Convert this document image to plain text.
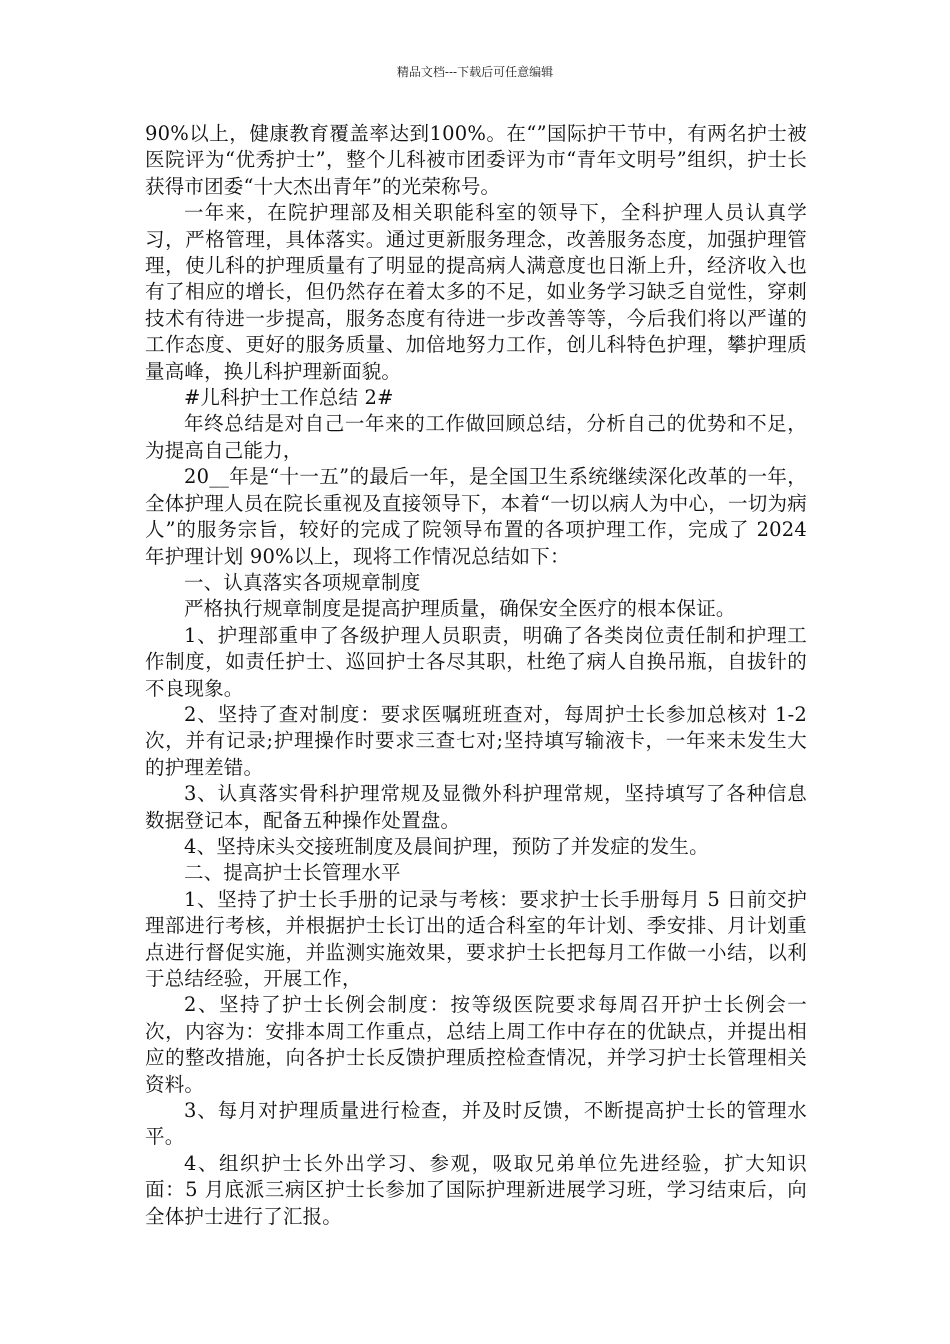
精品文档---下载后可任意编辑

90%以上，健康教育覆盖率达到100%。在“”国际护干节中，有两名护士被医院评为“优秀护士”，整个儿科被市团委评为市“青年文明号”组织，护士长获得市团委“十大杰出青年”的光荣称号。

一年来，在院护理部及相关职能科室的领导下，全科护理人员认真学习，严格管理，具体落实。通过更新服务理念，改善服务态度，加强护理管理，使儿科的护理质量有了明显的提高病人满意度也日渐上升，经济收入也有了相应的增长，但仍然存在着太多的不足，如业务学习缺乏自觉性，穿刺技术有待进一步提高，服务态度有待进一步改善等等，今后我们将以严谨的工作态度、更好的服务质量、加倍地努力工作，创儿科特色护理，攀护理质量高峰，换儿科护理新面貌。

#儿科护士工作总结 2#

年终总结是对自己一年来的工作做回顾总结，分析自己的优势和不足，为提高自己能力，

20__年是“十一五”的最后一年，是全国卫生系统继续深化改革的一年，全体护理人员在院长重视及直接领导下，本着“一切以病人为中心，一切为病人”的服务宗旨，较好的完成了院领导布置的各项护理工作，完成了 2024 年护理计划 90%以上，现将工作情况总结如下：

一、认真落实各项规章制度

严格执行规章制度是提高护理质量，确保安全医疗的根本保证。

1、护理部重申了各级护理人员职责，明确了各类岗位责任制和护理工作制度，如责任护士、巡回护士各尽其职，杜绝了病人自换吊瓶，自拔针的不良现象。

2、坚持了查对制度：要求医嘱班班查对，每周护士长参加总核对 1-2 次，并有记录;护理操作时要求三查七对;坚持填写输液卡，一年来未发生大的护理差错。

3、认真落实骨科护理常规及显微外科护理常规，坚持填写了各种信息数据登记本，配备五种操作处置盘。

4、坚持床头交接班制度及晨间护理，预防了并发症的发生。

二、提高护士长管理水平

1、坚持了护士长手册的记录与考核：要求护士长手册每月 5 日前交护理部进行考核，并根据护士长订出的适合科室的年计划、季安排、月计划重点进行督促实施，并监测实施效果，要求护士长把每月工作做一小结，以利于总结经验，开展工作，

2、坚持了护士长例会制度：按等级医院要求每周召开护士长例会一次，内容为：安排本周工作重点，总结上周工作中存在的优缺点，并提出相应的整改措施，向各护士长反馈护理质控检查情况，并学习护士长管理相关资料。

3、每月对护理质量进行检查，并及时反馈，不断提高护士长的管理水平。

4、组织护士长外出学习、参观，吸取兄弟单位先进经验，扩大知识面：5 月底派三病区护士长参加了国际护理新进展学习班，学习结束后，向全体护士进行了汇报。
